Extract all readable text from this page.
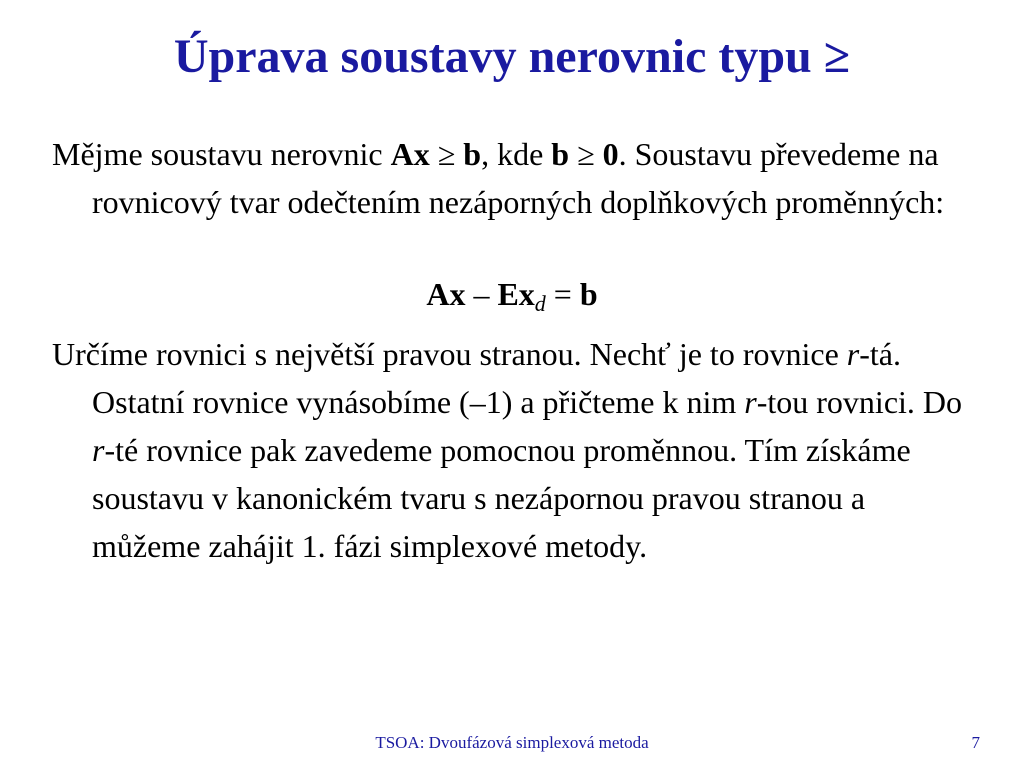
Úprava soustavy nerovnic typu ≥
Mějme soustavu nerovnic Ax ≥ b, kde b ≥ 0. Soustavu převedeme na rovnicový tvar odečtením nezáporných doplňkových proměnných:
$Ax - Ex_d = b$
Určíme rovnici s největší pravou stranou. Nechť je to rovnice r-tá. Ostatní rovnice vynásobíme (–1) a přičteme k nim r-tou rovnici. Do r-té rovnice pak zavedeme pomocnou proměnnou. Tím získáme soustavu v kanonickém tvaru s nezápornou pravou stranou a můžeme zahájit 1. fázi simplexové metody.
TSOA: Dvoufázová simplexová metoda	7
